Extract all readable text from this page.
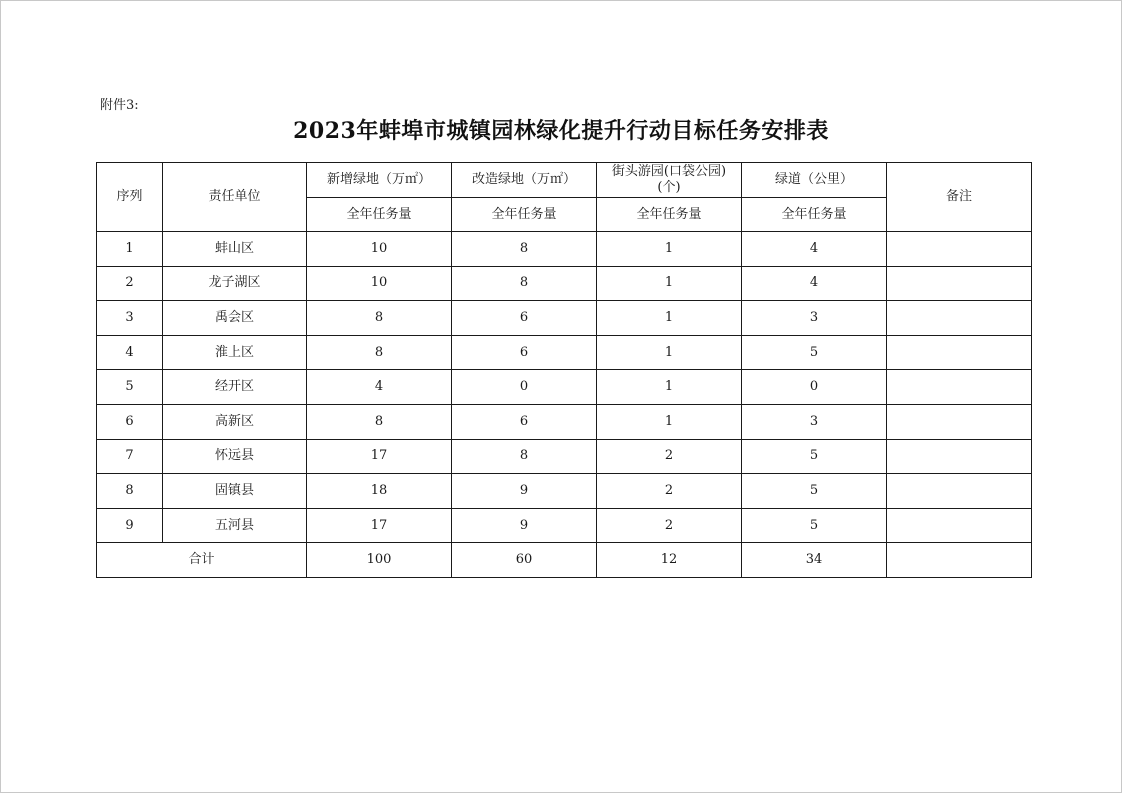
附件3:
2023年蚌埠市城镇园林绿化提升行动目标任务安排表
序列	责任单位	新增绿地（万㎡）	改造绿地（万㎡）	街头游园(口袋公园)(个)	绿道（公里）	备注
		全年任务量	全年任务量	全年任务量	全年任务量	
1	蚌山区	10	8	1	4	
2	龙子湖区	10	8	1	4	
3	禹会区	8	6	1	3	
4	淮上区	8	6	1	5	
5	经开区	4	0	1	0	
6	高新区	8	6	1	3	
7	怀远县	17	8	2	5	
8	固镇县	18	9	2	5	
9	五河县	17	9	2	5	
合计		100	60	12	34	
